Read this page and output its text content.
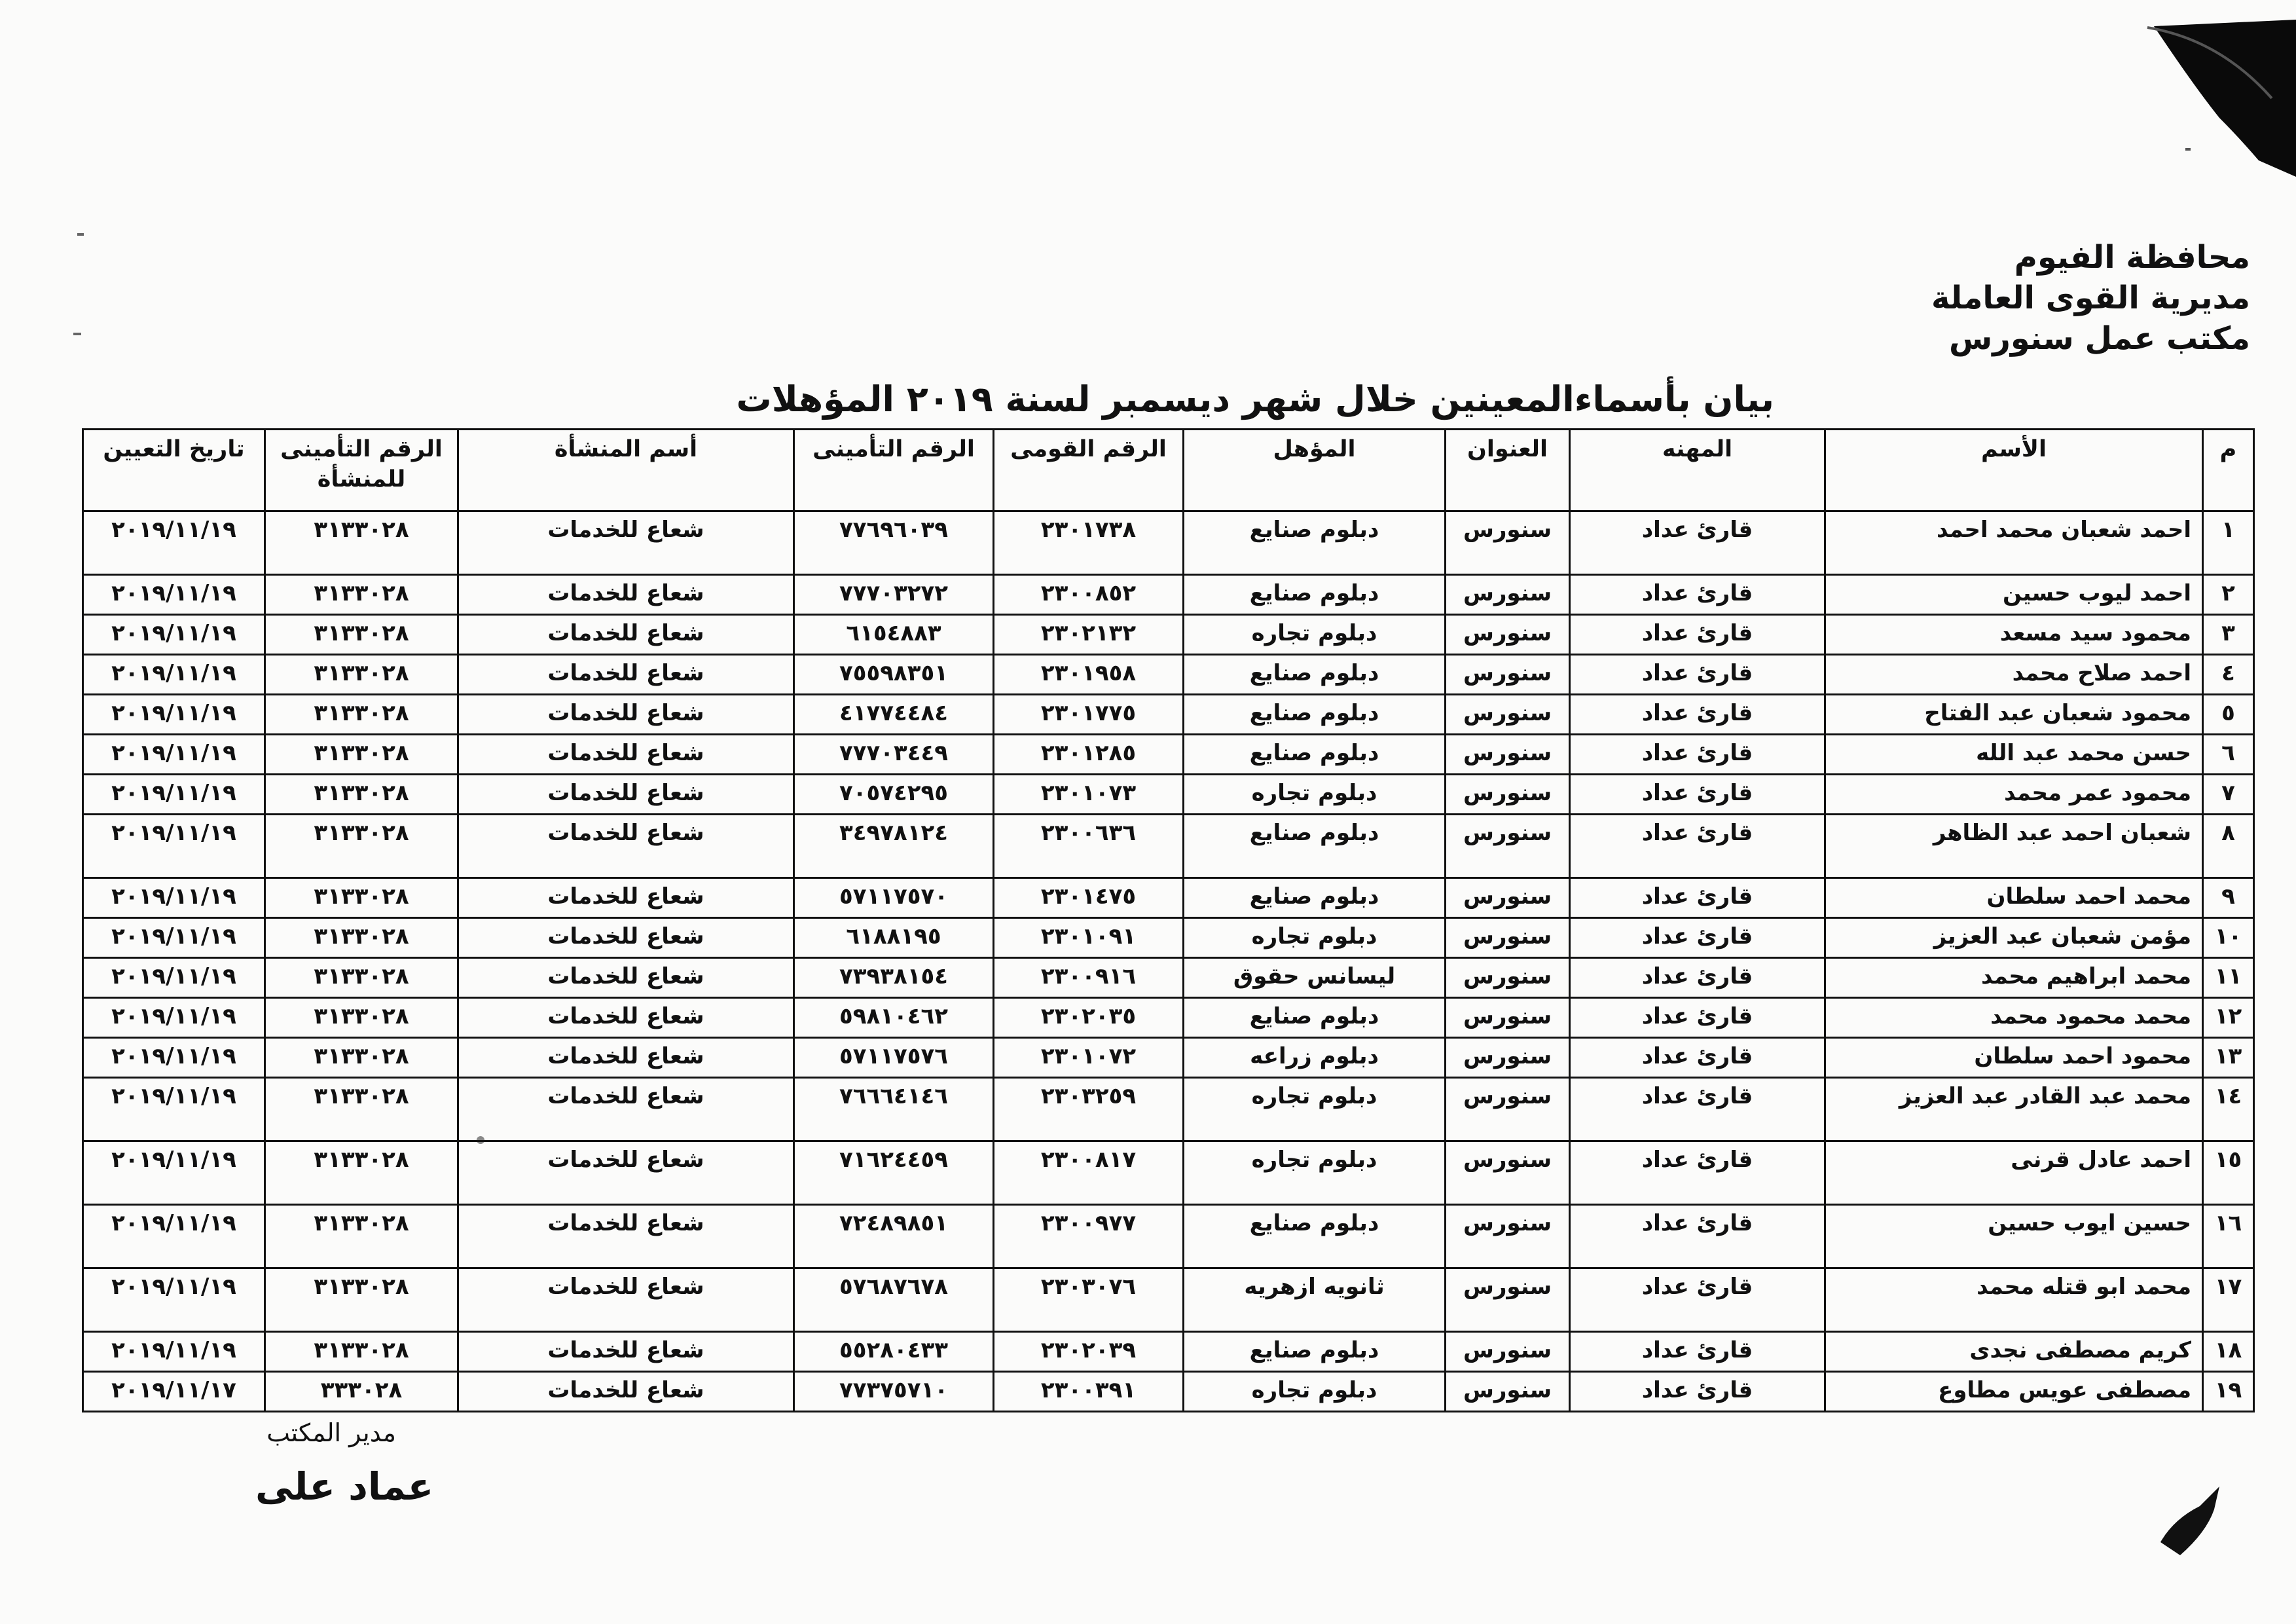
محافظة الفيوم
مديرية القوى العاملة
مكتب عمل سنورس
بيان بأسماءالمعينين خلال شهر ديسمبر لسنة ٢٠١٩ المؤهلات
م	الأسم	المهنه	العنوان	المؤهل	الرقم القومى	الرقم التأمينى	أسم المنشأة	الرقم التأمينى للمنشأة	تاريخ التعيين
١	احمد شعبان محمد احمد	قارئ عداد	سنورس	دبلوم صنايع	٢٣٠١٧٣٨	٧٧٦٩٦٠٣٩	شعاع للخدمات	٣١٣٣٠٢٨	٢٠١٩/١١/١٩
٢	احمد ليوب حسين	قارئ عداد	سنورس	دبلوم صنايع	٢٣٠٠٨٥٢	٧٧٧٠٣٢٧٢	شعاع للخدمات	٣١٣٣٠٢٨	٢٠١٩/١١/١٩
٣	محمود سيد مسعد	قارئ عداد	سنورس	دبلوم تجاره	٢٣٠٢١٣٢	٦١٥٤٨٨٣	شعاع للخدمات	٣١٣٣٠٢٨	٢٠١٩/١١/١٩
٤	احمد صلاح محمد	قارئ عداد	سنورس	دبلوم صنايع	٢٣٠١٩٥٨	٧٥٥٩٨٣٥١	شعاع للخدمات	٣١٣٣٠٢٨	٢٠١٩/١١/١٩
٥	محمود شعبان عبد الفتاح	قارئ عداد	سنورس	دبلوم صنايع	٢٣٠١٧٧٥	٤١٧٧٤٤٨٤	شعاع للخدمات	٣١٣٣٠٢٨	٢٠١٩/١١/١٩
٦	حسن محمد عبد الله	قارئ عداد	سنورس	دبلوم صنايع	٢٣٠١٢٨٥	٧٧٧٠٣٤٤٩	شعاع للخدمات	٣١٣٣٠٢٨	٢٠١٩/١١/١٩
٧	محمود عمر محمد	قارئ عداد	سنورس	دبلوم تجاره	٢٣٠١٠٧٣	٧٠٥٧٤٢٩٥	شعاع للخدمات	٣١٣٣٠٢٨	٢٠١٩/١١/١٩
٨	شعبان احمد عبد الظاهر	قارئ عداد	سنورس	دبلوم صنايع	٢٣٠٠٦٣٦	٣٤٩٧٨١٢٤	شعاع للخدمات	٣١٣٣٠٢٨	٢٠١٩/١١/١٩
٩	محمد احمد سلطان	قارئ عداد	سنورس	دبلوم صنايع	٢٣٠١٤٧٥	٥٧١١٧٥٧٠	شعاع للخدمات	٣١٣٣٠٢٨	٢٠١٩/١١/١٩
١٠	مؤمن شعبان عبد العزيز	قارئ عداد	سنورس	دبلوم تجاره	٢٣٠١٠٩١	٦١٨٨١٩٥	شعاع للخدمات	٣١٣٣٠٢٨	٢٠١٩/١١/١٩
١١	محمد ابراهيم محمد	قارئ عداد	سنورس	ليسانس حقوق	٢٣٠٠٩١٦	٧٣٩٣٨١٥٤	شعاع للخدمات	٣١٣٣٠٢٨	٢٠١٩/١١/١٩
١٢	محمد محمود محمد	قارئ عداد	سنورس	دبلوم صنايع	٢٣٠٢٠٣٥	٥٩٨١٠٤٦٢	شعاع للخدمات	٣١٣٣٠٢٨	٢٠١٩/١١/١٩
١٣	محمود احمد سلطان	قارئ عداد	سنورس	دبلوم زراعه	٢٣٠١٠٧٢	٥٧١١٧٥٧٦	شعاع للخدمات	٣١٣٣٠٢٨	٢٠١٩/١١/١٩
١٤	محمد عبد القادر عبد العزيز	قارئ عداد	سنورس	دبلوم تجاره	٢٣٠٣٢٥٩	٧٦٦٦٤١٤٦	شعاع للخدمات	٣١٣٣٠٢٨	٢٠١٩/١١/١٩
١٥	احمد عادل قرنى	قارئ عداد	سنورس	دبلوم تجاره	٢٣٠٠٨١٧	٧١٦٢٤٤٥٩	شعاع للخدمات	٣١٣٣٠٢٨	٢٠١٩/١١/١٩
١٦	حسين ايوب حسين	قارئ عداد	سنورس	دبلوم صنايع	٢٣٠٠٩٧٧	٧٢٤٨٩٨٥١	شعاع للخدمات	٣١٣٣٠٢٨	٢٠١٩/١١/١٩
١٧	محمد ابو قتله محمد	قارئ عداد	سنورس	ثانويه ازهريه	٢٣٠٣٠٧٦	٥٧٦٨٧٦٧٨	شعاع للخدمات	٣١٣٣٠٢٨	٢٠١٩/١١/١٩
١٨	كريم مصطفى نجدى	قارئ عداد	سنورس	دبلوم صنايع	٢٣٠٢٠٣٩	٥٥٢٨٠٤٣٣	شعاع للخدمات	٣١٣٣٠٢٨	٢٠١٩/١١/١٩
١٩	مصطفى عويس مطاوع	قارئ عداد	سنورس	دبلوم تجاره	٢٣٠٠٣٩١	٧٧٣٧٥٧١٠	شعاع للخدمات	٣٣٣٠٢٨	٢٠١٩/١١/١٧
مدير المكتب
عماد على
